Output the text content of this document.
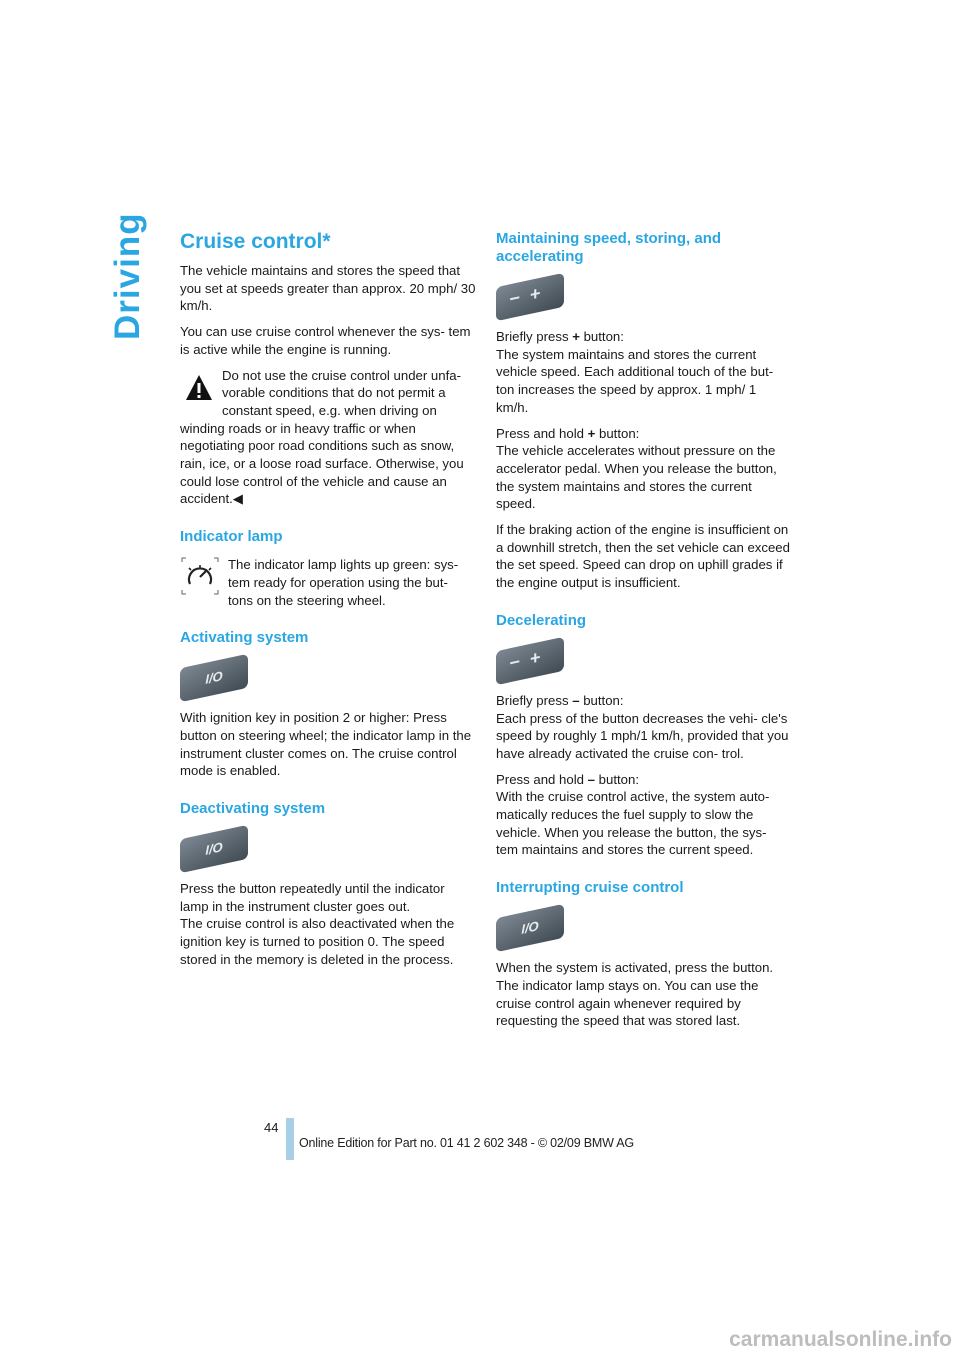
Driving Cruise control*

The vehicle maintains and stores the speed that you set at speeds greater than approx. 20 mph/ 30 km/h.

You can use cruise control whenever the sys- tem is active while the engine is running.

Do not use the cruise control under unfa- vorable conditions that do not permit a constant speed, e.g. when driving on winding roads or in heavy traffic or when negotiating poor road conditions such as snow, rain, ice, or a loose road surface. Otherwise, you could lose control of the vehicle and cause an accident.◀
Indicator lamp

The indicator lamp lights up green: sys- tem ready for operation using the but- tons on the steering wheel.

Activating system
I/O

With ignition key in position 2 or higher: Press button on steering wheel; the indicator lamp in the instrument cluster comes on. The cruise control mode is enabled.

Deactivating system
I/O

Press the button repeatedly until the indicator lamp in the instrument cluster goes out.
The cruise control is also deactivated when the ignition key is turned to position 0. The speed stored in the memory is deleted in the process.

Maintaining speed, storing, and accelerating
−+

Briefly press + button:
The system maintains and stores the current vehicle speed. Each additional touch of the but- ton increases the speed by approx. 1 mph/ 1 km/h.

Press and hold + button:
The vehicle accelerates without pressure on the accelerator pedal. When you release the button, the system maintains and stores the current speed.

If the braking action of the engine is insufficient on a downhill stretch, then the set vehicle can exceed the set speed. Speed can drop on uphill grades if the engine output is insufficient.

Decelerating
−+

Briefly press – button:
Each press of the button decreases the vehi- cle's speed by roughly 1 mph/1 km/h, provided that you have already activated the cruise con- trol.

Press and hold – button:
With the cruise control active, the system auto- matically reduces the fuel supply to slow the vehicle. When you release the button, the sys- tem maintains and stores the current speed.

Interrupting cruise control
I/O

When the system is activated, press the button. The indicator lamp stays on. You can use the cruise control again whenever required by requesting the speed that was stored last.

44
Online Edition for Part no. 01 41 2 602 348 - © 02/09 BMW AG
carmanualsonline.info
